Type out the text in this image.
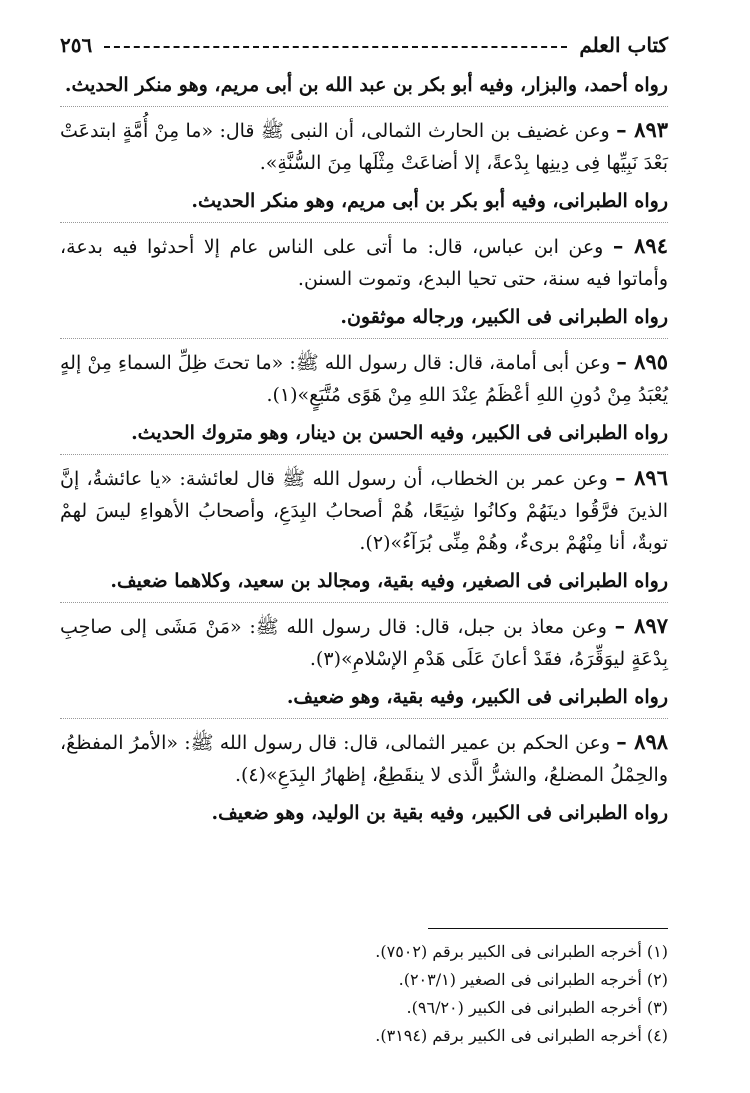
كتاب العلم
٢٥٦

رواه أحمد، والبزار، وفيه أبو بكر بن عبد الله بن أبى مريم، وهو منكر الحديث.

٨٩٣ – وعن غضيف بن الحارث الثمالى، أن النبى ﷺ قال: «ما مِنْ أُمَّةٍ ابتدعَتْ بَعْدَ نَبِيِّها فِى دِينِها بِدْعةً، إلا أضاعَتْ مِثْلَها مِنَ السُّنَّةِ».

رواه الطبرانى، وفيه أبو بكر بن أبى مريم، وهو منكر الحديث.

٨٩٤ – وعن ابن عباس، قال: ما أتى على الناس عام إلا أحدثوا فيه بدعة، وأماتوا فيه سنة، حتى تحيا البدع، وتموت السنن.

رواه الطبرانى فى الكبير، ورجاله موثقون.

٨٩٥ – وعن أبى أمامة، قال: قال رسول الله ﷺ: «ما تحتَ ظِلِّ السماءِ مِنْ إلهٍ يُعْبَدُ مِنْ دُونِ اللهِ أعْظَمُ عِنْدَ اللهِ مِنْ هَوًى مُتَّبَعٍ»(١).

رواه الطبرانى فى الكبير، وفيه الحسن بن دينار، وهو متروك الحديث.

٨٩٦ – وعن عمر بن الخطاب، أن رسول الله ﷺ قال لعائشة: «يا عائشةُ، إنَّ الذينَ فرَّقُوا دينَهُمْ وكانُوا شِيَعًا، هُمْ أصحابُ البِدَعِ، وأصحابُ الأهواءِ ليسَ لهمْ توبةٌ، أنا مِنْهُمْ برىءٌ، وهُمْ مِنِّى بُرَآءُ»(٢).

رواه الطبرانى فى الصغير، وفيه بقية، ومجالد بن سعيد، وكلاهما ضعيف.

٨٩٧ – وعن معاذ بن جبل، قال: قال رسول الله ﷺ: «مَنْ مَشَى إلى صاحِبِ بِدْعَةٍ ليوَقِّرَهُ، فقَدْ أعانَ عَلَى هَدْمِ الإسْلامِ»(٣).

رواه الطبرانى فى الكبير، وفيه بقية، وهو ضعيف.

٨٩٨ – وعن الحكم بن عمير الثمالى، قال: قال رسول الله ﷺ: «الأمرُ المفظعُ، والحِمْلُ المضلعُ، والشرُّ الَّذى لا ينقَطِعُ، إظهارُ البِدَعِ»(٤).

رواه الطبرانى فى الكبير، وفيه بقية بن الوليد، وهو ضعيف.

(١) أخرجه الطبرانى فى الكبير برقم (٧٥٠٢).
(٢) أخرجه الطبرانى فى الصغير (٢٠٣/١).
(٣) أخرجه الطبرانى فى الكبير (٩٦/٢٠).
(٤) أخرجه الطبرانى فى الكبير برقم (٣١٩٤).
